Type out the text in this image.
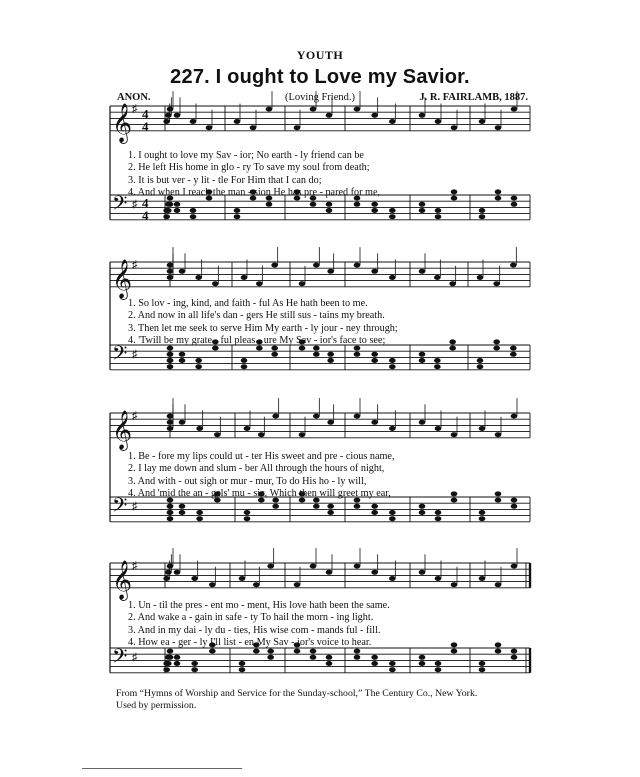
YOUTH
227. I ought to Love my Savior.
ANON.	(Loving Friend.)	J. R. FAIRLAMB, 1887.
𝄞 ♯
𝄢 ♯
4
4
4
4
𝄞 ♯
𝄢 ♯
𝄞 ♯
𝄢 ♯
𝄞 ♯
𝄢 ♯
1. I ought to love my Sav - ior; No earth - ly friend can be
2. He left His home in glo - ry To save my soul from death;
3. It is but ver - y lit - tle For Him that I can do;
4. And when I reach the man - sion He has pre - pared for me,
1. So lov - ing, kind, and faith - ful As He hath been to me.
2. And now in all life's dan - gers He still sus - tains my breath.
3. Then let me seek to serve Him My earth - ly jour - ney through;
4. 'Twill be my grate - ful pleas - ure My Sav - ior's face to see;
1. Be - fore my lips could ut - ter His sweet and pre - cious name,
2. I lay me down and slum - ber All through the hours of night,
3. And with - out sigh or mur - mur, To do His ho - ly will,
4. And 'mid the an - gels' mu - sic, Which then will greet my ear,
1. Un - til the pres - ent mo - ment, His love hath been the same.
2. And wake a - gain in safe - ty To hail the morn - ing light.
3. And in my dai - ly du - ties, His wise com - mands ful - fill.
4. How ea - ger - ly I'll list - en My Sav - ior's voice to hear.
From “Hymns of Worship and Service for the Sunday-school,” The Century Co., New York.
Used by permission.
